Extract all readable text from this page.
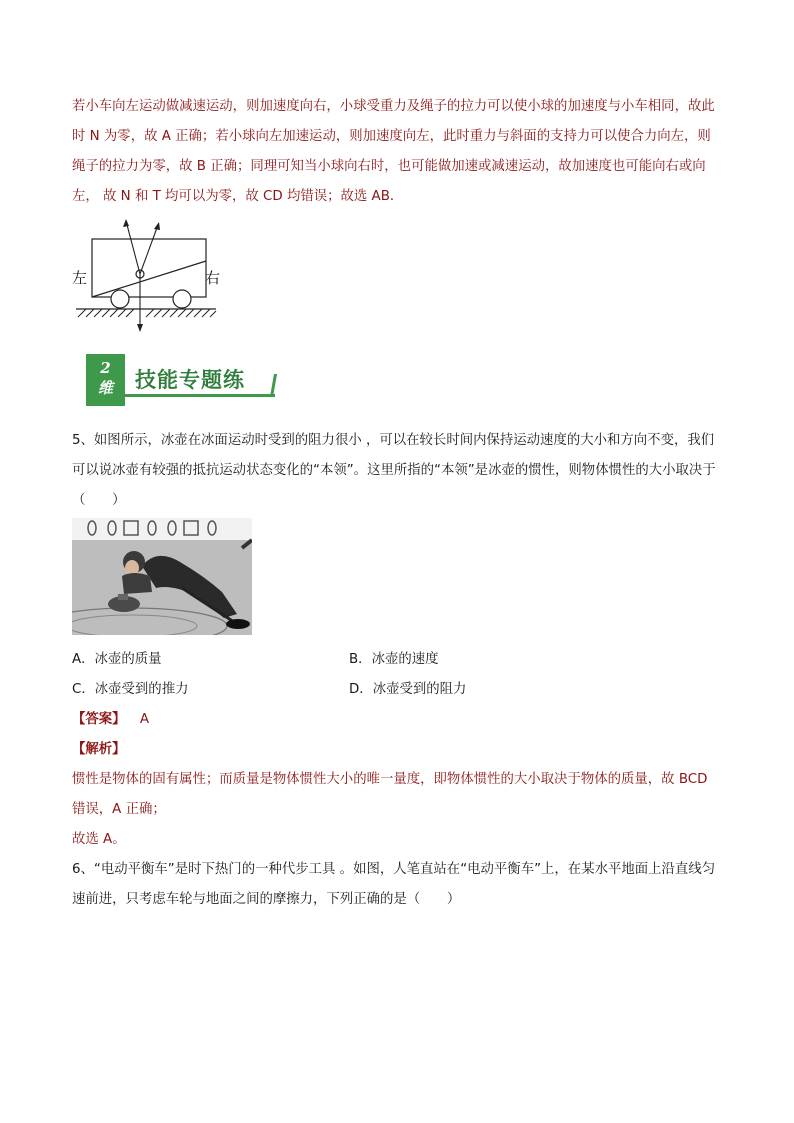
若小车向左运动做减速运动，则加速度向右，小球受重力及绳子的拉力可以使小球的加速度与小车相同，故此时 N 为零，故 A 正确；若小球向左加速运动，则加速度向左，此时重力与斜面的支持力可以使合力向左，则绳子的拉力为零，故 B 正确；同理可知当小球向右时，也可能做加速或减速运动，故加速度也可能向右或向左， 故 N 和 T 均可以为零，故 CD 均错误；故选 AB．

左	右
2
维	技能专题练

5、如图所示，冰壶在冰面运动时受到的阻力很小 ，可以在较长时间内保持运动速度的大小和方向不变，我们可以说冰壶有较强的抵抗运动状态变化的“本领”。这里所指的“本领”是冰壶的惯性，则物体惯性的大小取决于（　　）

A．冰壶的质量	B．冰壶的速度
C．冰壶受到的推力	D．冰壶受到的阻力

【答案】 A

【解析】

惯性是物体的固有属性；而质量是物体惯性大小的唯一量度，即物体惯性的大小取决于物体的质量，故 BCD 错误，A 正确；

故选 A。

6、“电动平衡车”是时下热门的一种代步工具 。如图，人笔直站在“电动平衡车”上，在某水平地面上沿直线匀速前进，只考虑车轮与地面之间的摩擦力，下列正确的是（　　）
